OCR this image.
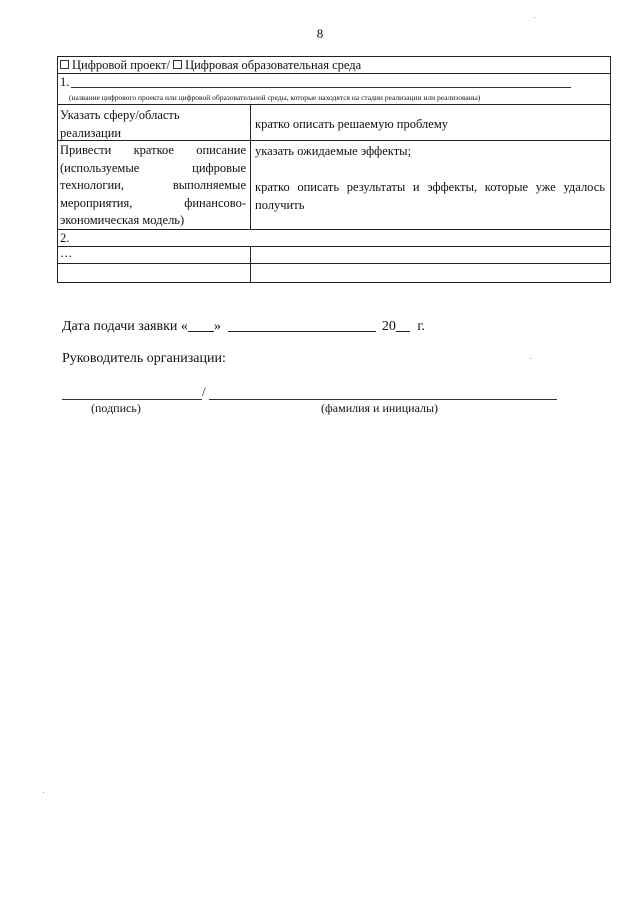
8
Цифровой проект/ Цифровая образовательная среда
1.
(название цифрового проекта или цифровой образовательной среды, которые находятся на стадии реализации или реализованы)
Указать сферу/область
реализации
кратко описать решаемую проблему
Привести краткое описание
(используемые цифровые
технологии, выполняемые
мероприятия, финансово-
экономическая модель)
указать ожидаемые эффекты;
кратко описать результаты и эффекты, которые уже удалось
получить
2.
…
Дата подачи заявки « »	20 г.
Руководитель организации:
/
(подпись)	(фамилия и инициалы)
